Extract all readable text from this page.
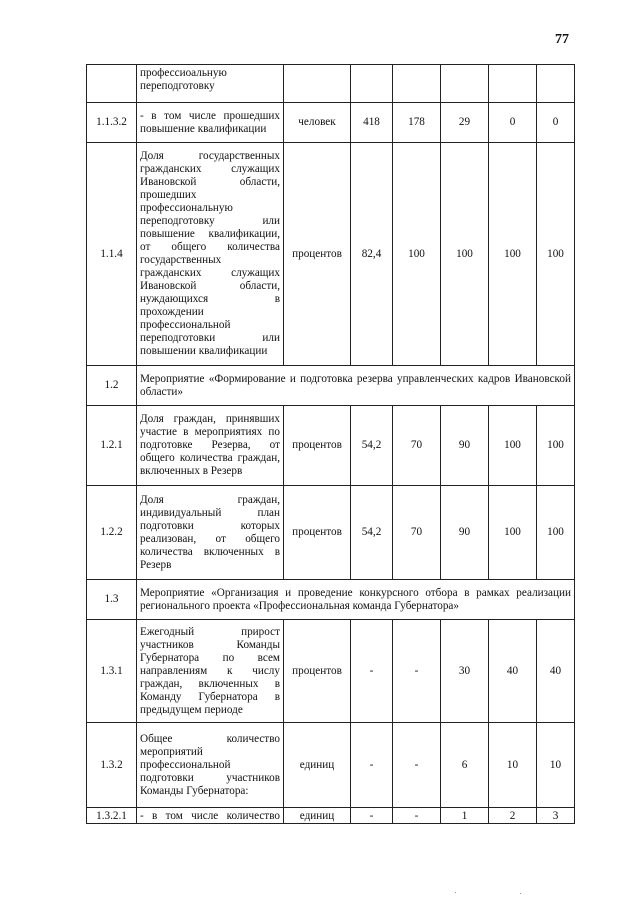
77
	профессиоальную переподготовку						
1.1.3.2	- в том числе прошедших повышение квалификации	человек	418	178	29	0	0
1.1.4	Доля государственных гражданских служащих Ивановской области, прошедших профессиональную переподготовку или повышение квалификации, от общего количества государственных гражданских служащих Ивановской области, нуждающихся в прохождении профессиональной переподготовки или повышении квалификации	процентов	82,4	100	100	100	100
1.2	Мероприятие «Формирование и подготовка резерва управленческих кадров Ивановской области»						
1.2.1	Доля граждан, принявших участие в мероприятиях по подготовке Резерва, от общего количества граждан, включенных в Резерв	процентов	54,2	70	90	100	100
1.2.2	Доля граждан, индивидуальный план подготовки которых реализован, от общего количества включенных в Резерв	процентов	54,2	70	90	100	100
1.3	Мероприятие «Организация и проведение конкурсного отбора в рамках реализации регионального проекта «Профессиональная команда Губернатора»						
1.3.1	Ежегодный прирост участников Команды Губернатора по всем направлениям к числу граждан, включенных в Команду Губернатора в предыдущем периоде	процентов	-	-	30	40	40
1.3.2	Общее количество мероприятий профессиональной подготовки участников Команды Губернатора:	единиц	-	-	6	10	10
1.3.2.1	- в том числе количество	единиц	-	-	1	2	3
